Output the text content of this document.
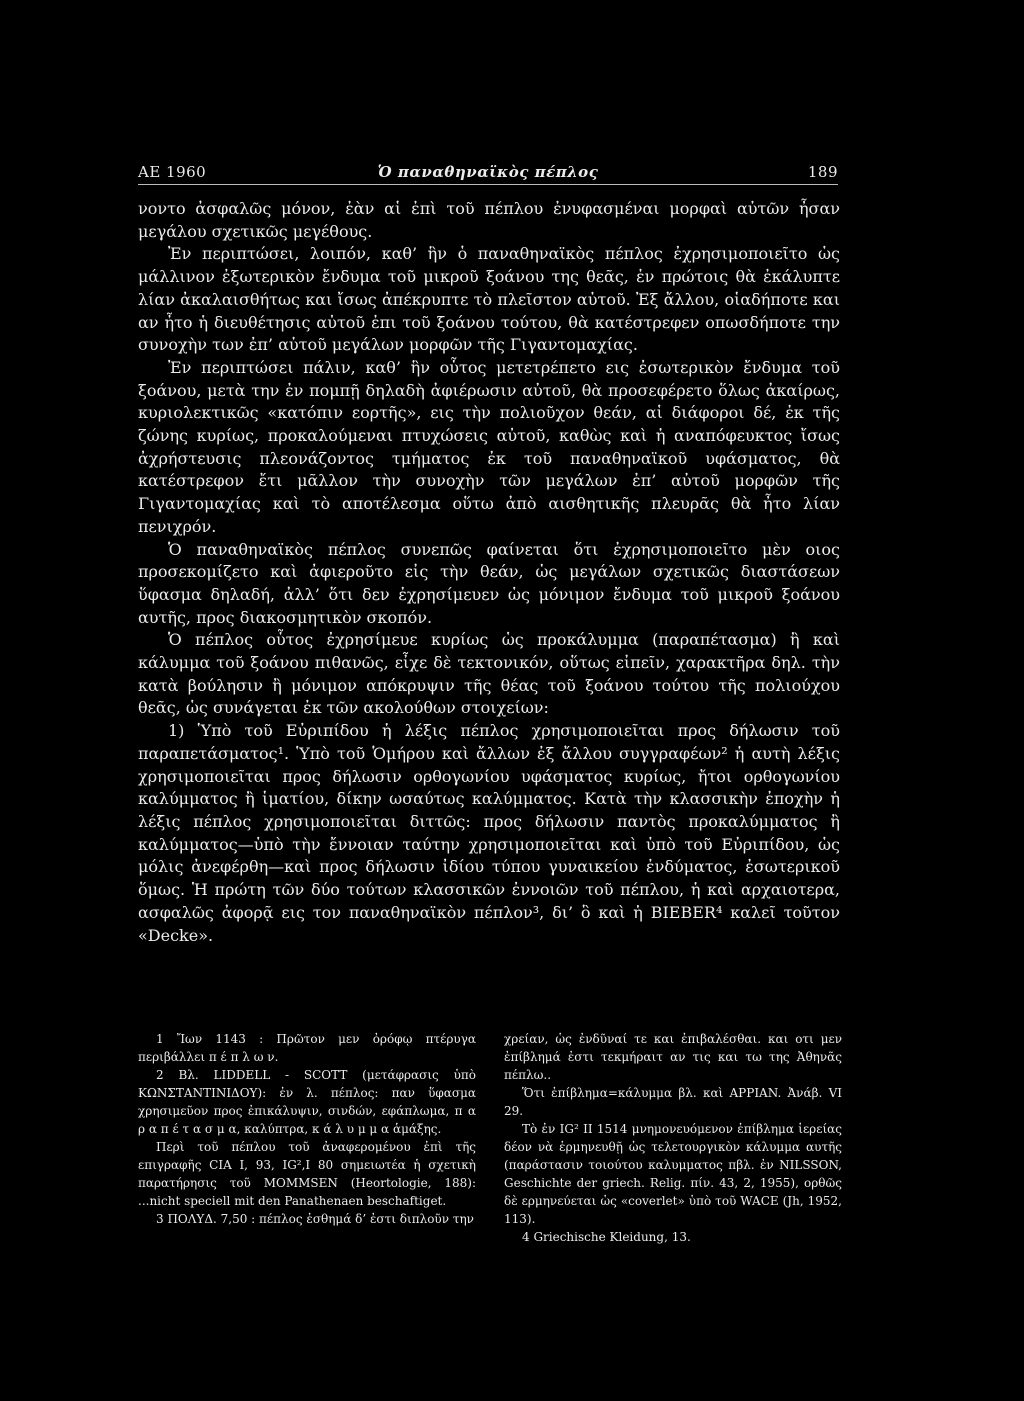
ΑΕ 1960	Ὁ παναθηναϊκὸς πέπλος	189

νοντο ἀσφαλῶς μόνον, ἐὰν αἱ ἐπὶ τοῦ πέπλου ἐνυφασμέναι μορφαὶ αὐτῶν ἦσαν μεγάλου σχετικῶς μεγέθους.

Ἐν περιπτώσει, λοιπόν, καθ’ ἣν ὁ παναθηναϊκὸς πέπλος ἐχρησιμοποιεῖτο ὡς μάλλινον ἐξωτερικὸν ἔνδυμα τοῦ μικροῦ ξοάνου της θεᾶς, ἐν πρώτοις θὰ ἐκάλυπτε λίαν ἀκαλαισθήτως και ἴσως ἀπέκρυπτε τὸ πλεῖστον αὐτοῦ. Ἐξ ἄλλου, οἱαδήποτε και αν ἦτο ἡ διευθέτησις αὐτοῦ ἐπι τοῦ ξοάνου τούτου, θὰ κατέστρεφεν οπωσδήποτε την συνοχὴν των ἐπ’ αὐτοῦ μεγάλων μορφῶν τῆς Γιγαντομαχίας.

Ἐν περιπτώσει πάλιν, καθ’ ἣν οὗτος μετετρέπετο εις ἐσωτερικὸν ἔνδυμα τοῦ ξοάνου, μετὰ την ἐν πομπῇ δηλαδὴ ἀφιέρωσιν αὐτοῦ, θὰ προσεφέρετο ὅλως ἀκαίρως, κυριολεκτικῶς «κατόπιν εορτῆς», εις τὴν πολιοῦχον θεάν, αἱ διάφοροι δέ, ἐκ τῆς ζώνης κυρίως, προκαλούμεναι πτυχώσεις αὐτοῦ, καθὼς καὶ ἡ αναπόφευκτος ἴσως ἀχρήστευσις πλεονάζοντος τμήματος ἐκ τοῦ παναθηναϊκοῦ υφάσματος, θὰ κατέστρεφον ἔτι μᾶλλον τὴν συνοχὴν τῶν μεγάλων ἐπ’ αὐτοῦ μορφῶν τῆς Γιγαντομαχίας καὶ τὸ αποτέλεσμα οὕτω ἀπὸ αισθητικῆς πλευρᾶς θὰ ἦτο λίαν πενιχρόν.

Ὁ παναθηναϊκὸς πέπλος συνεπῶς φαίνεται ὅτι ἐχρησιμοποιεῖτο μὲν οιος προσεκομίζετο καὶ ἀφιεροῦτο εἰς τὴν θεάν, ὡς μεγάλων σχετικῶς διαστάσεων ὕφασμα δηλαδή, ἀλλ’ ὅτι δεν ἐχρησίμευεν ὡς μόνιμον ἔνδυμα τοῦ μικροῦ ξοάνου αυτῆς, προς διακοσμητικὸν σκοπόν.

Ὁ πέπλος οὗτος ἐχρησίμευε κυρίως ὡς προκάλυμμα (παραπέτασμα) ἢ καὶ κάλυμμα τοῦ ξοάνου πιθανῶς, εἶχε δὲ τεκτονικόν, οὕτως εἰπεῖν, χαρακτῆρα δηλ. τὴν κατὰ βούλησιν ἢ μόνιμον απόκρυψιν τῆς θέας τοῦ ξοάνου τούτου τῆς πολιούχου θεᾶς, ὡς συνάγεται ἐκ τῶν ακολούθων στοιχείων:

1) Ὑπὸ τοῦ Εὐριπίδου ἡ λέξις πέπλος χρησιμοποιεῖται προς δήλωσιν τοῦ παραπετάσματος¹. Ὑπὸ τοῦ Ὁμήρου καὶ ἄλλων ἐξ ἄλλου συγγραφέων² ἡ αυτὴ λέξις χρησιμοποιεῖται προς δήλωσιν ορθογωνίου υφάσματος κυρίως, ἤτοι ορθογωνίου καλύμματος ἢ ἱματίου, δίκην ωσαύτως καλύμματος. Κατὰ τὴν κλασσικὴν ἐποχὴν ἡ λέξις πέπλος χρησιμοποιεῖται διττῶς: προς δήλωσιν παντὸς προκαλύμματος ἢ καλύμματος—ὑπὸ τὴν ἔννοιαν ταύτην χρησιμοποιεῖται καὶ ὑπὸ τοῦ Εὐριπίδου, ὡς μόλις ἀνεφέρθη—καὶ προς δήλωσιν ἰδίου τύπου γυναικείου ἐνδύματος, ἐσωτερικοῦ ὅμως. Ἡ πρώτη τῶν δύο τούτων κλασσικῶν ἐννοιῶν τοῦ πέπλου, ἡ καὶ αρχαιοτερα, ασφαλῶς ἀφορᾷ εις τον παναθηναϊκὸν πέπλον³, δι’ ὃ καὶ ἡ BIEBER⁴ καλεῖ τοῦτον «Decke».

1 Ἴων 1143 : Πρῶτον μεν ὀρόφῳ πτέρυγα περιβάλλει π έ π λ ω ν.

2 Βλ. LIDDELL - SCOTT (μετάφρασις ὑπὸ ΚΩΝΣΤΑΝΤΙΝΙΔΟΥ): ἐν λ. πέπλος: παν ὕφασμα χρησιμεῦον προς ἐπικάλυψιν, σινδών, εφάπλωμα, π α ρ α π έ τ α σ μ α, καλύπτρα, κ ά λ υ μ μ α ἁμάξης.

Περὶ τοῦ πέπλου τοῦ ἀναφερομένου ἐπὶ τῆς επιγραφῆς CIA I, 93, IG²,I 80 σημειωτέα ἡ σχετικὴ παρατήρησις τοῦ MOMMSEN (Heortologie, 188): ...nicht speciell mit den Panathenaen beschaftiget.

3 ΠΟΛΥΔ. 7,50 : πέπλος ἐσθημά δ’ ἐστι διπλοῦν την

χρείαν, ὡς ἐνδῦναί τε και ἐπιβαλέσθαι. και οτι μεν ἐπίβλημά ἐστι τεκμήραιτ αν τις και τω της Ἀθηνᾶς πέπλω..

Ὅτι ἐπίβλημα=κάλυμμα βλ. καὶ APPIAN. Ἀνάβ. VI 29.

Τὸ ἐν IG² II 1514 μνημονευόμενον ἐπίβλημα ἱερείας δέον νὰ ἑρμηνευθῇ ὡς τελετουργικὸν κάλυμμα αυτῆς (παράστασιν τοιούτου καλυμματος πβλ. ἐν NILSSON, Geschichte der griech. Relig. πίν. 43, 2, 1955), ορθῶς δὲ ερμηνεύεται ὡς «coverlet» ὑπὸ τοῦ WACE (Jh, 1952, 113).

4 Griechische Kleidung, 13.
